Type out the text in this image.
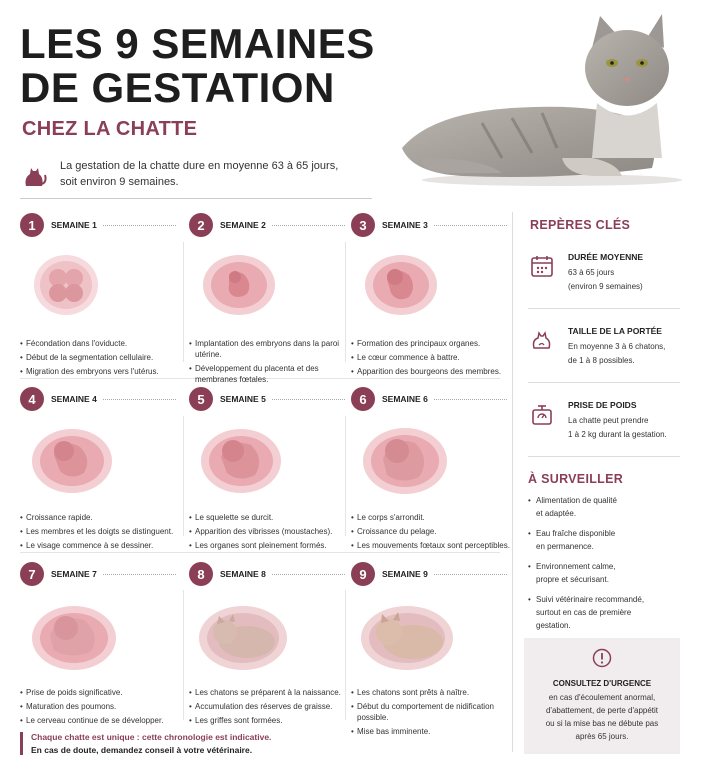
LES 9 SEMAINES
DE GESTATION
CHEZ LA CHATTE
La gestation de la chatte dure en moyenne 63 à 65 jours,
soit environ 9 semaines.
1	SEMAINE 1
• Fécondation dans l'oviducte.
• Début de la segmentation cellulaire.
• Migration des embryons vers l'utérus.
2	SEMAINE 2
• Implantation des embryons dans la paroi utérine.
• Développement du placenta et des membranes fœtales.
3	SEMAINE 3
• Formation des principaux organes.
• Le cœur commence à battre.
• Apparition des bourgeons des membres.
4	SEMAINE 4
• Croissance rapide.
• Les membres et les doigts se distinguent.
• Le visage commence à se dessiner.
5	SEMAINE 5
• Le squelette se durcit.
• Apparition des vibrisses (moustaches).
• Les organes sont pleinement formés.
6	SEMAINE 6
• Le corps s'arrondit.
• Croissance du pelage.
• Les mouvements fœtaux sont perceptibles.
7	SEMAINE 7
• Prise de poids significative.
• Maturation des poumons.
• Le cerveau continue de se développer.
8	SEMAINE 8
• Les chatons se préparent à la naissance.
• Accumulation des réserves de graisse.
• Les griffes sont formées.
9	SEMAINE 9
• Les chatons sont prêts à naître.
• Début du comportement de nidification possible.
• Mise bas imminente.
REPÈRES CLÉS
DURÉE MOYENNE
63 à 65 jours
(environ 9 semaines)
TAILLE DE LA PORTÉE
En moyenne 3 à 6 chatons,
de 1 à 8 possibles.
PRISE DE POIDS
La chatte peut prendre
1 à 2 kg durant la gestation.
À SURVEILLER
• Alimentation de qualité
et adaptée.
• Eau fraîche disponible
en permanence.
• Environnement calme,
propre et sécurisant.
• Suivi vétérinaire recommandé,
surtout en cas de première
gestation.
CONSULTEZ D'URGENCE
en cas d'écoulement anormal,
d'abattement, de perte d'appétit
ou si la mise bas ne débute pas
après 65 jours.
Chaque chatte est unique : cette chronologie est indicative.
En cas de doute, demandez conseil à votre vétérinaire.
